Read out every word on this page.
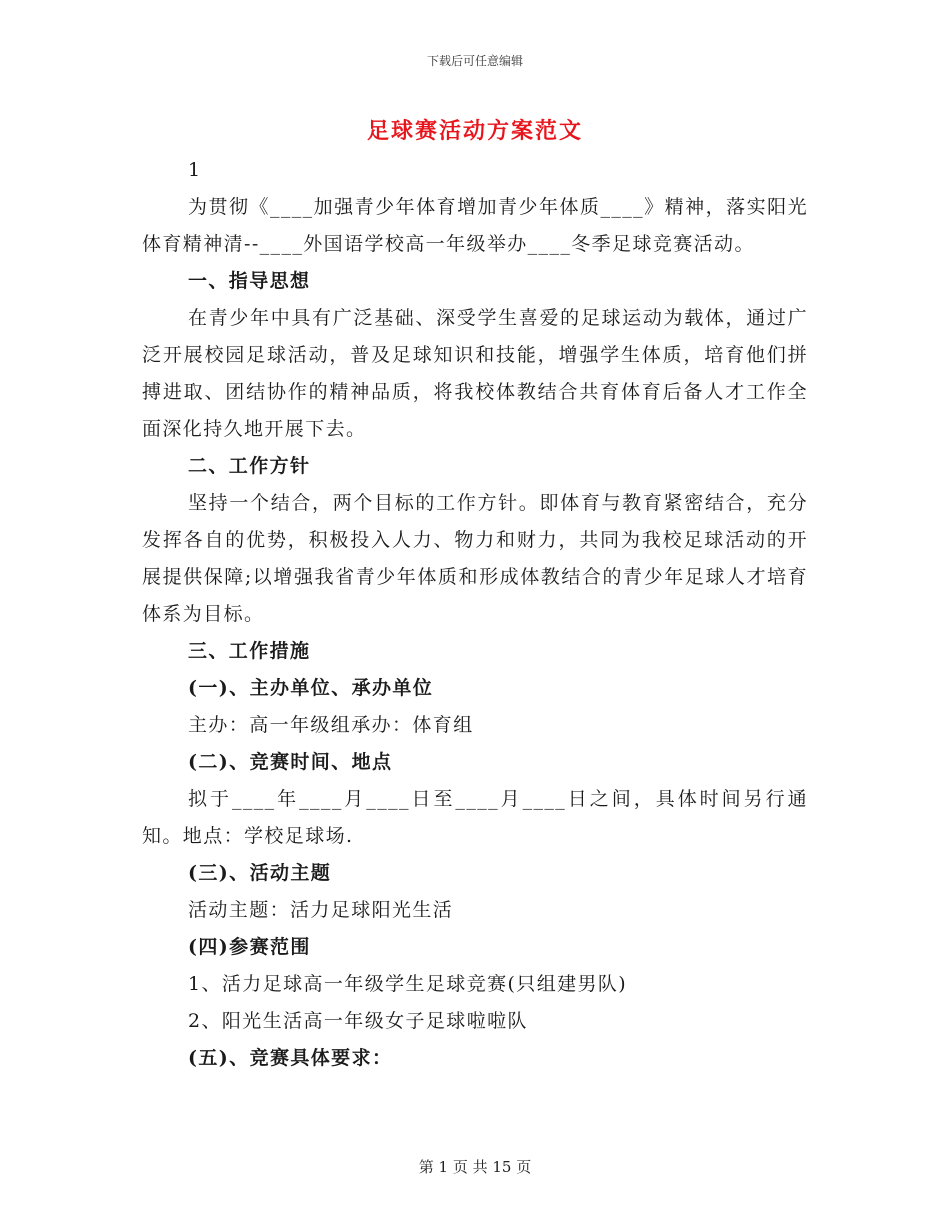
下载后可任意编辑
足球赛活动方案范文

1

为贯彻《____加强青少年体育增加青少年体质____》精神，落实阳光体育精神清--____外国语学校高一年级举办____冬季足球竞赛活动。

一、指导思想

在青少年中具有广泛基础、深受学生喜爱的足球运动为载体，通过广泛开展校园足球活动，普及足球知识和技能，增强学生体质，培育他们拼搏进取、团结协作的精神品质，将我校体教结合共育体育后备人才工作全面深化持久地开展下去。

二、工作方针

坚持一个结合，两个目标的工作方针。即体育与教育紧密结合，充分发挥各自的优势，积极投入人力、物力和财力，共同为我校足球活动的开展提供保障;以增强我省青少年体质和形成体教结合的青少年足球人才培育体系为目标。

三、工作措施

(一)、主办单位、承办单位

主办：高一年级组承办：体育组

(二)、竞赛时间、地点

拟于____年____月____日至____月____日之间，具体时间另行通知。地点：学校足球场.

(三)、活动主题

活动主题：活力足球阳光生活

(四)参赛范围

1、活力足球高一年级学生足球竞赛(只组建男队)

2、阳光生活高一年级女子足球啦啦队

(五)、竞赛具体要求：

第 1 页 共 15 页
